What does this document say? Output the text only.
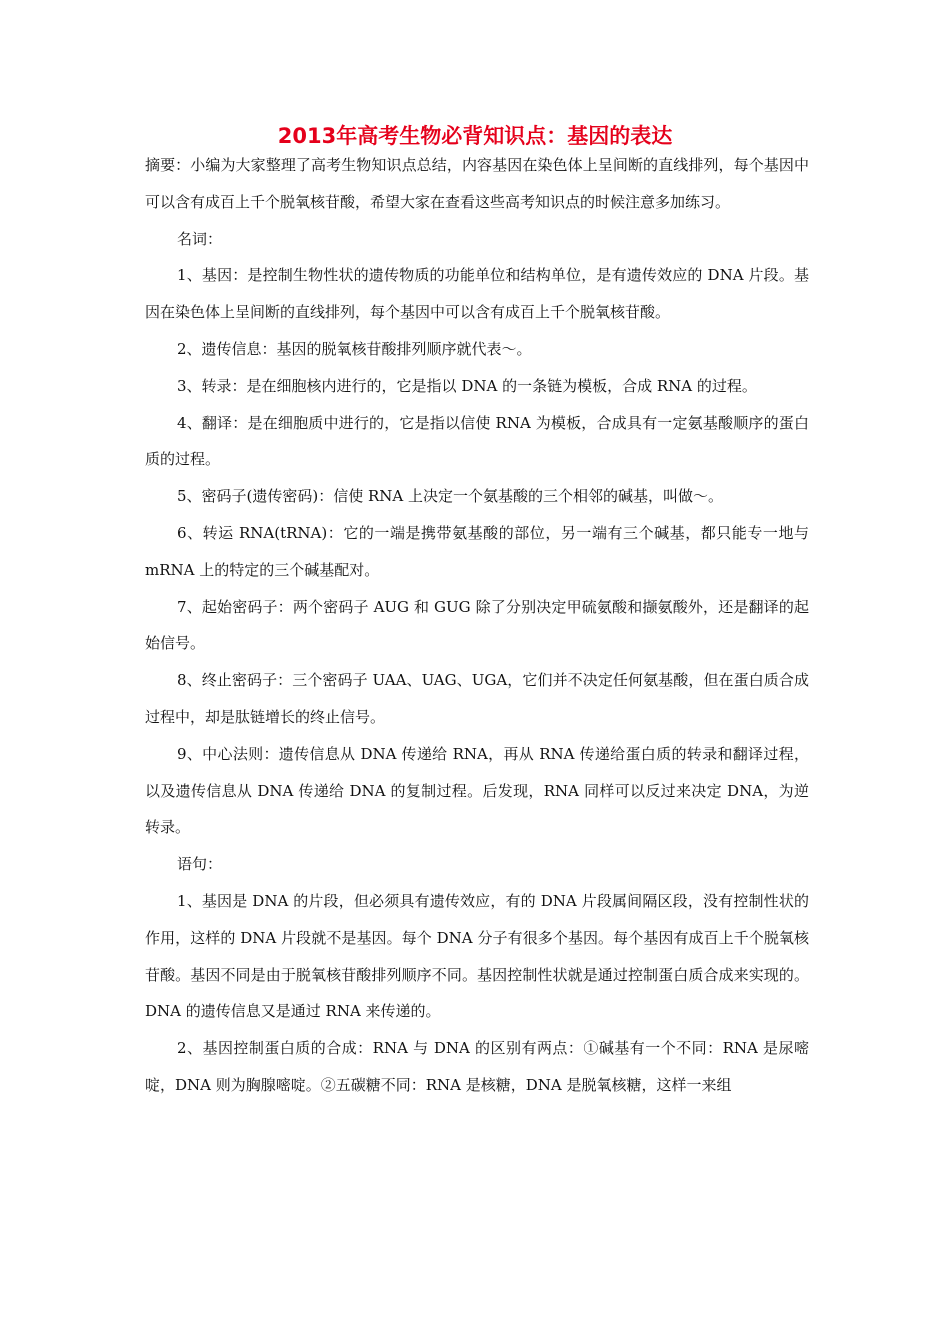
2013年高考生物必背知识点：基因的表达

摘要：小编为大家整理了高考生物知识点总结，内容基因在染色体上呈间断的直线排列，每个基因中可以含有成百上千个脱氧核苷酸，希望大家在查看这些高考知识点的时候注意多加练习。

名词：

1、基因：是控制生物性状的遗传物质的功能单位和结构单位，是有遗传效应的 DNA 片段。基因在染色体上呈间断的直线排列，每个基因中可以含有成百上千个脱氧核苷酸。

2、遗传信息：基因的脱氧核苷酸排列顺序就代表～。

3、转录：是在细胞核内进行的，它是指以 DNA 的一条链为模板，合成 RNA 的过程。

4、翻译：是在细胞质中进行的，它是指以信使 RNA 为模板，合成具有一定氨基酸顺序的蛋白质的过程。

5、密码子(遗传密码)：信使 RNA 上决定一个氨基酸的三个相邻的碱基，叫做～。

6、转运 RNA(tRNA)：它的一端是携带氨基酸的部位，另一端有三个碱基，都只能专一地与 mRNA 上的特定的三个碱基配对。

7、起始密码子：两个密码子 AUG 和 GUG 除了分别决定甲硫氨酸和撷氨酸外，还是翻译的起始信号。

8、终止密码子：三个密码子 UAA、UAG、UGA，它们并不决定任何氨基酸，但在蛋白质合成过程中，却是肽链增长的终止信号。

9、中心法则：遗传信息从 DNA 传递给 RNA，再从 RNA 传递给蛋白质的转录和翻译过程，以及遗传信息从 DNA 传递给 DNA 的复制过程。后发现，RNA 同样可以反过来决定 DNA，为逆转录。

语句：

1、基因是 DNA 的片段，但必须具有遗传效应，有的 DNA 片段属间隔区段，没有控制性状的作用，这样的 DNA 片段就不是基因。每个 DNA 分子有很多个基因。每个基因有成百上千个脱氧核苷酸。基因不同是由于脱氧核苷酸排列顺序不同。基因控制性状就是通过控制蛋白质合成来实现的。DNA 的遗传信息又是通过 RNA 来传递的。

2、基因控制蛋白质的合成：RNA 与 DNA 的区别有两点：①碱基有一个不同：RNA 是尿嘧啶，DNA 则为胸腺嘧啶。②五碳糖不同：RNA 是核糖，DNA 是脱氧核糖，这样一来组
